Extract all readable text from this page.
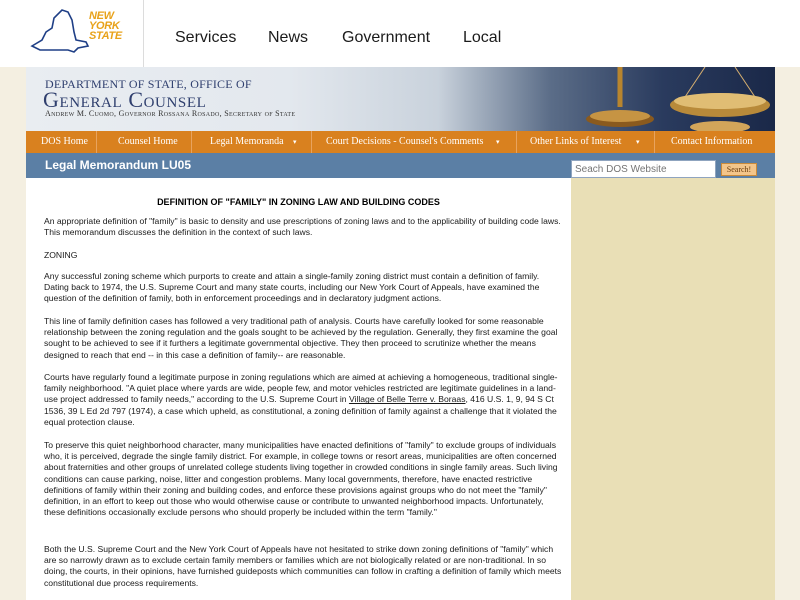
NEW
YORK
STATE	Services News Government Local
DEPARTMENT OF STATE, OFFICE OF
General Counsel
Andrew M. Cuomo, Governor Rossana Rosado, Secretary of State
DOS Home	Counsel Home	Legal Memoranda ▾	Court Decisions - Counsel's Comments ▾	Other Links of Interest ▾	Contact Information
Legal Memorandum LU05
Seach DOS Website	Search!
DEFINITION OF "FAMILY" IN ZONING LAW AND BUILDING CODES
An appropriate definition of "family" is basic to density and use prescriptions of zoning laws and to the applicability of building code laws. This memorandum discusses the definition in the context of such laws.
ZONING
Any successful zoning scheme which purports to create and attain a single-family zoning district must contain a definition of family. Dating back to 1974, the U.S. Supreme Court and many state courts, including our New York Court of Appeals, have examined the question of the definition of family, both in enforcement proceedings and in declaratory judgment actions.
This line of family definition cases has followed a very traditional path of analysis. Courts have carefully looked for some reasonable relationship between the zoning regulation and the goals sought to be achieved by the regulation. Generally, they first examine the goal sought to be achieved to see if it furthers a legitimate governmental objective. They then proceed to scrutinize whether the means designed to reach that end -- in this case a definition of family-- are reasonable.
Courts have regularly found a legitimate purpose in zoning regulations which are aimed at achieving a homogeneous, traditional single-family neighborhood. "A quiet place where yards are wide, people few, and motor vehicles restricted are legitimate guidelines in a land-use project addressed to family needs," according to the U.S. Supreme Court in Village of Belle Terre v. Boraas, 416 U.S. 1, 9, 94 S Ct 1536, 39 L Ed 2d 797 (1974), a case which upheld, as constitutional, a zoning definition of family against a challenge that it violated the equal protection clause.
To preserve this quiet neighborhood character, many municipalities have enacted definitions of "family" to exclude groups of individuals who, it is perceived, degrade the single family district. For example, in college towns or resort areas, municipalities are often concerned about fraternities and other groups of unrelated college students living together in crowded conditions in single family areas. Such living conditions can cause parking, noise, litter and congestion problems. Many local governments, therefore, have enacted restrictive definitions of family within their zoning and building codes, and enforce these provisions against groups who do not meet the "family" definition, in an effort to keep out those who would otherwise cause or contribute to unwanted neighborhood impacts. Unfortunately, these definitions occasionally exclude persons who should properly be included within the term "family."
Both the U.S. Supreme Court and the New York Court of Appeals have not hesitated to strike down zoning definitions of "family" which are so narrowly drawn as to exclude certain family members or families which are not biologically related or are non-traditional. In so doing, the courts, in their opinions, have furnished guideposts which communities can follow in crafting a definition of family which meets constitutional due process requirements.
